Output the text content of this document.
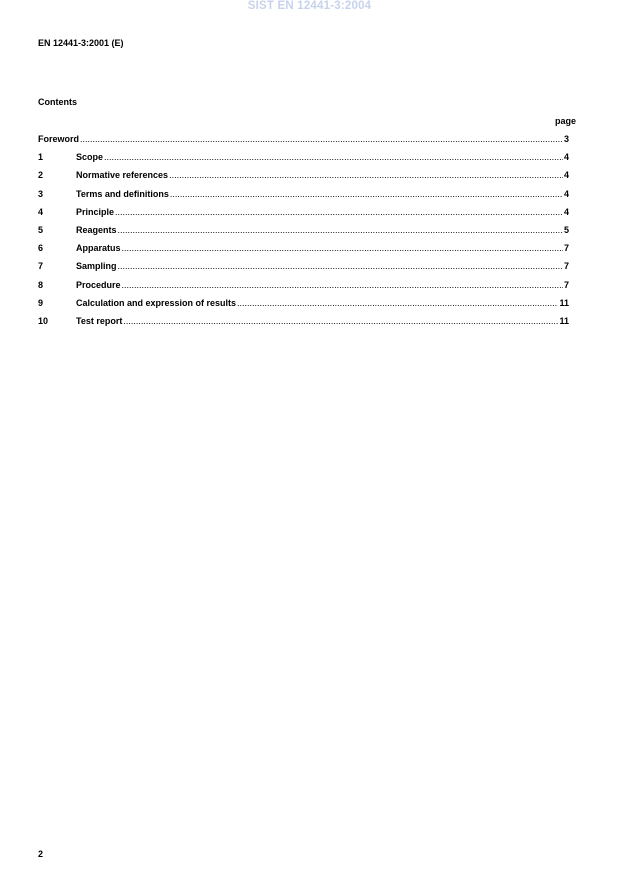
SIST EN 12441-3:2004
EN 12441-3:2001 (E)
Contents
page
Foreword .....	3
1	Scope .....	4
2	Normative references .....	4
3	Terms and definitions .....	4
4	Principle .....	4
5	Reagents .....	5
6	Apparatus .....	7
7	Sampling .....	7
8	Procedure .....	7
9	Calculation and expression of results .....	11
10	Test report .....	11
2
